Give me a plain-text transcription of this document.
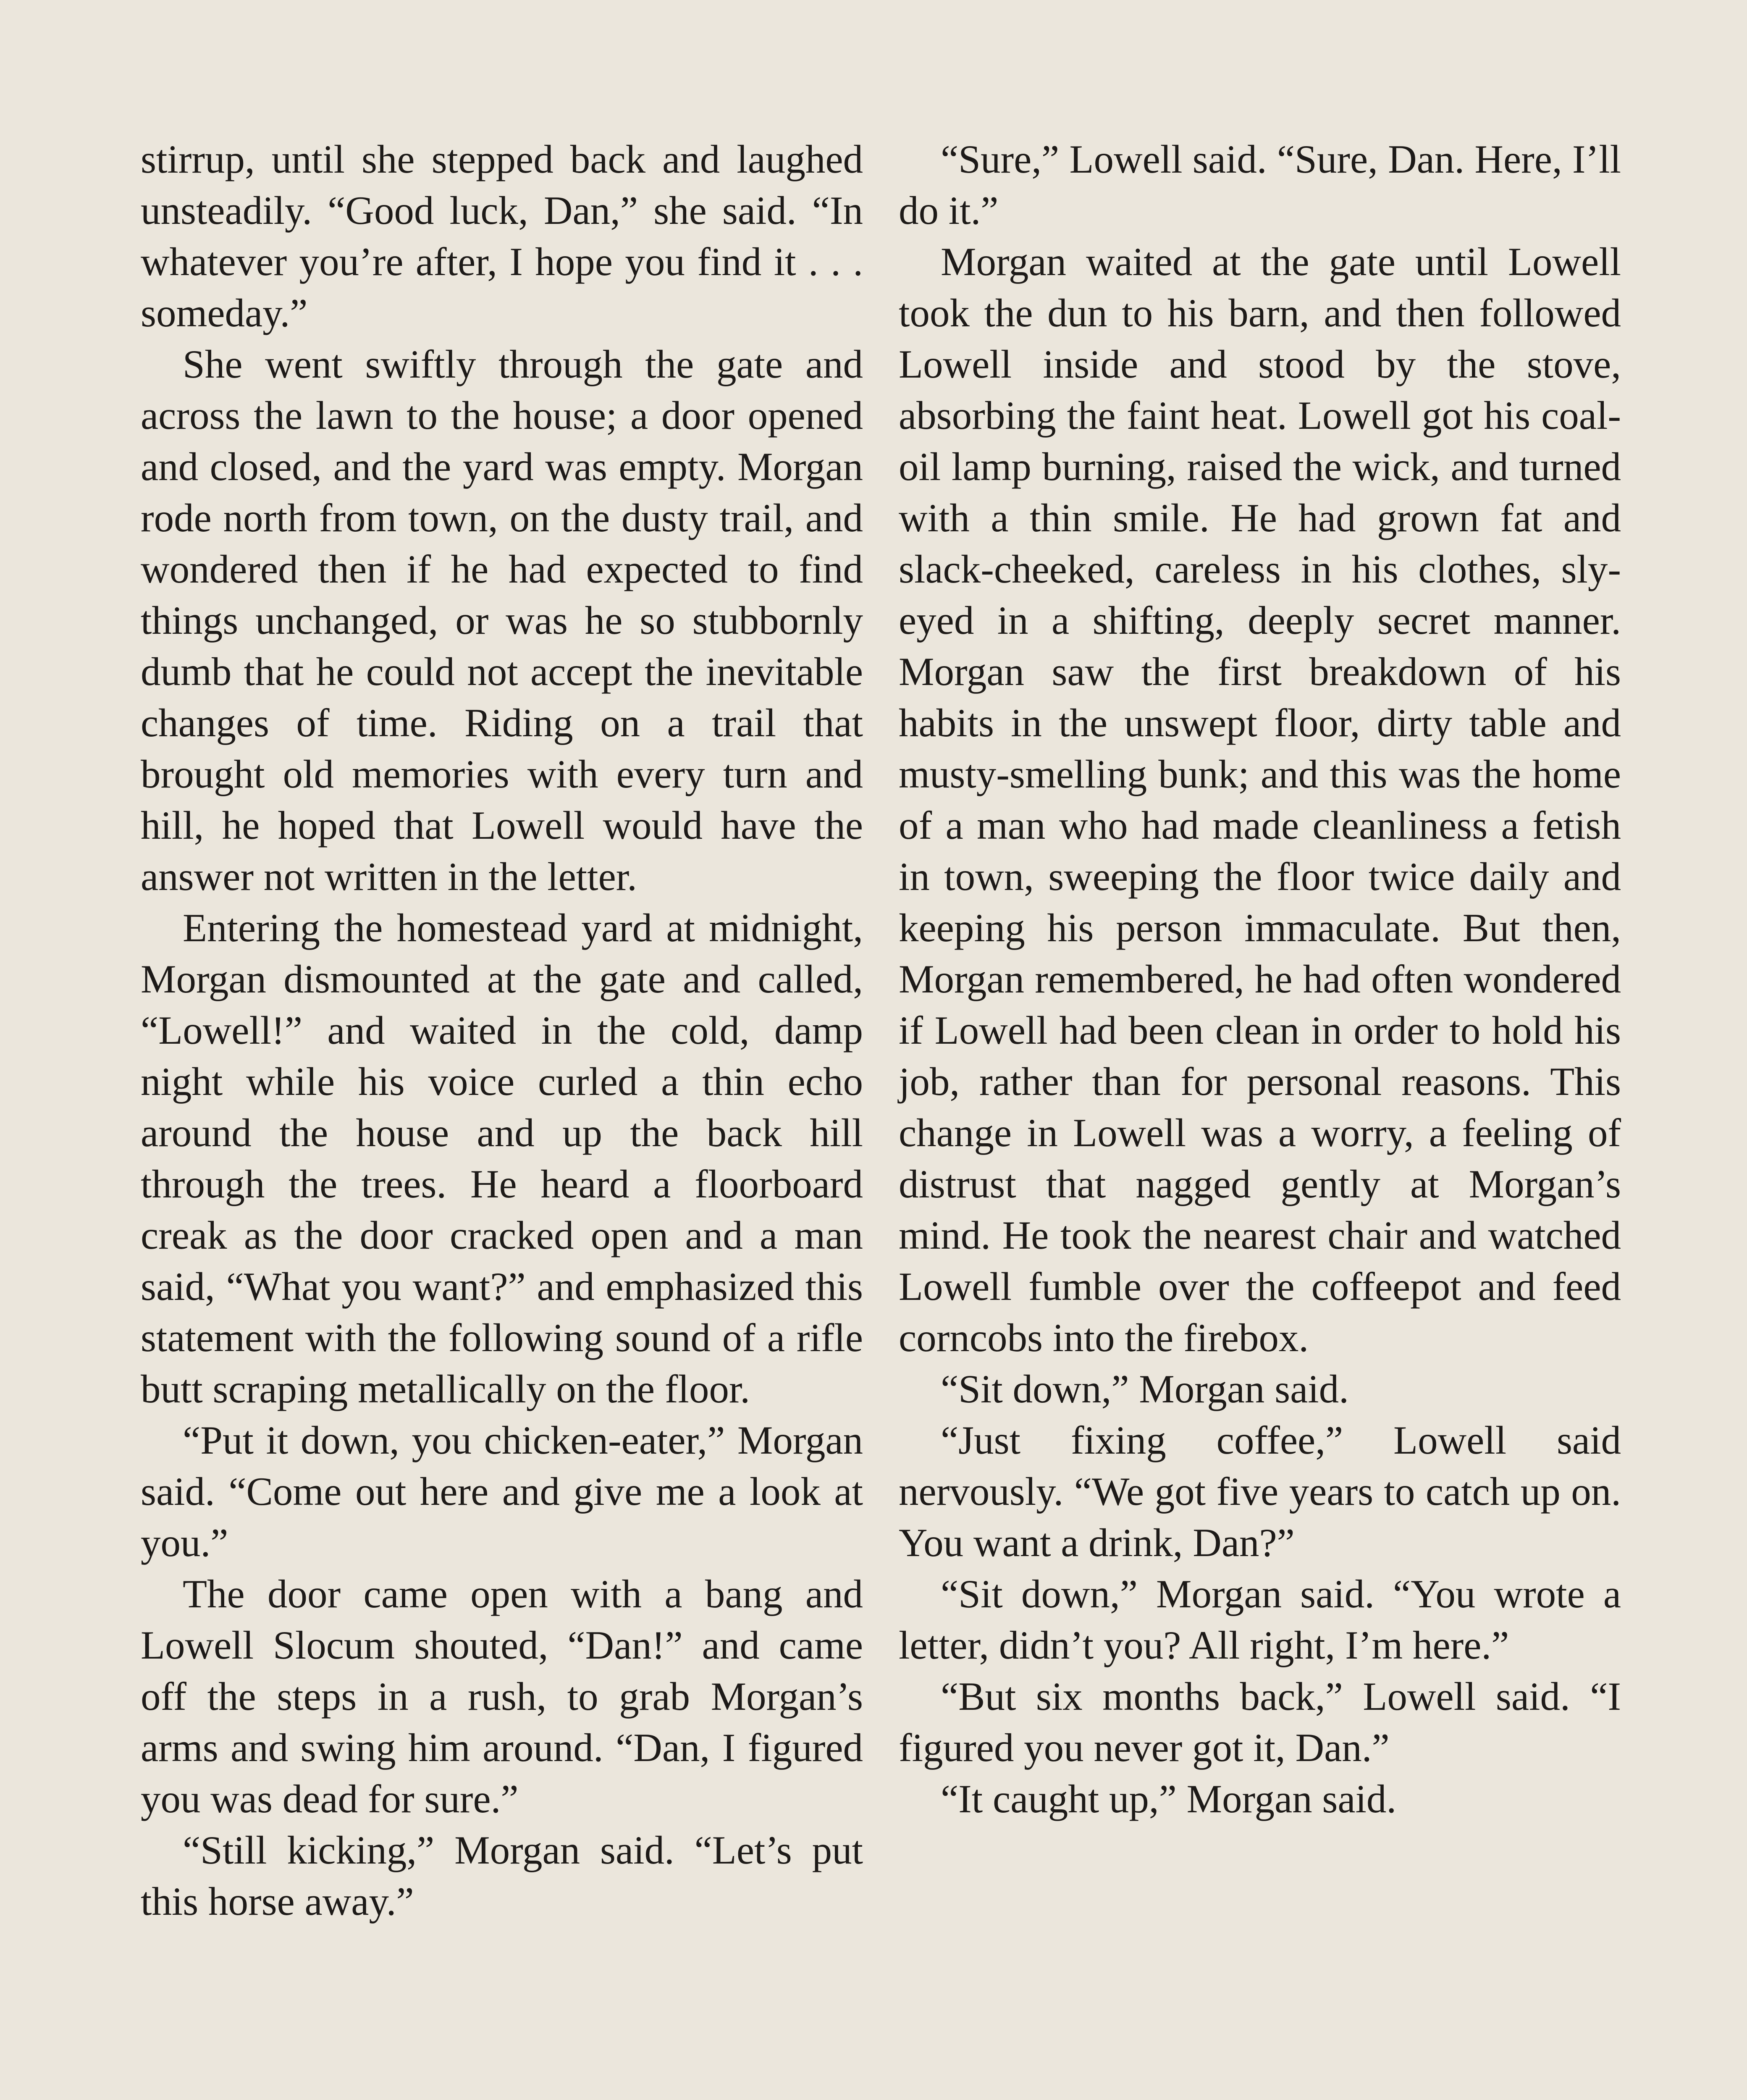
stirrup, until she stepped back and laughed unsteadily. “Good luck, Dan,” she said. “In whatever you’re after, I hope you find it . . . someday.”

She went swiftly through the gate and across the lawn to the house; a door opened and closed, and the yard was empty. Morgan rode north from town, on the dusty trail, and wondered then if he had expected to find things unchanged, or was he so stubbornly dumb that he could not accept the inevitable changes of time. Riding on a trail that brought old memories with every turn and hill, he hoped that Lowell would have the answer not written in the letter.

Entering the homestead yard at midnight, Morgan dismounted at the gate and called, “Lowell!” and waited in the cold, damp night while his voice curled a thin echo around the house and up the back hill through the trees. He heard a floorboard creak as the door cracked open and a man said, “What you want?” and emphasized this statement with the following sound of a rifle butt scraping metallically on the floor.

“Put it down, you chicken-eater,” Morgan said. “Come out here and give me a look at you.”

The door came open with a bang and Lowell Slocum shouted, “Dan!” and came off the steps in a rush, to grab Morgan’s arms and swing him around. “Dan, I figured you was dead for sure.”

“Still kicking,” Morgan said. “Let’s put this horse away.”

“Sure,” Lowell said. “Sure, Dan. Here, I’ll do it.”

Morgan waited at the gate until Lowell took the dun to his barn, and then followed Lowell inside and stood by the stove, absorbing the faint heat. Lowell got his coal-oil lamp burning, raised the wick, and turned with a thin smile. He had grown fat and slack-cheeked, careless in his clothes, sly-eyed in a shifting, deeply secret manner. Morgan saw the first breakdown of his habits in the unswept floor, dirty table and musty-smelling bunk; and this was the home of a man who had made cleanliness a fetish in town, sweeping the floor twice daily and keeping his person immaculate. But then, Morgan remembered, he had often wondered if Lowell had been clean in order to hold his job, rather than for personal reasons. This change in Lowell was a worry, a feeling of distrust that nagged gently at Morgan’s mind. He took the nearest chair and watched Lowell fumble over the coffeepot and feed corncobs into the firebox.

“Sit down,” Morgan said.

“Just fixing coffee,” Lowell said nervously. “We got five years to catch up on. You want a drink, Dan?”

“Sit down,” Morgan said. “You wrote a letter, didn’t you? All right, I’m here.”

“But six months back,” Lowell said. “I figured you never got it, Dan.”

“It caught up,” Morgan said.
